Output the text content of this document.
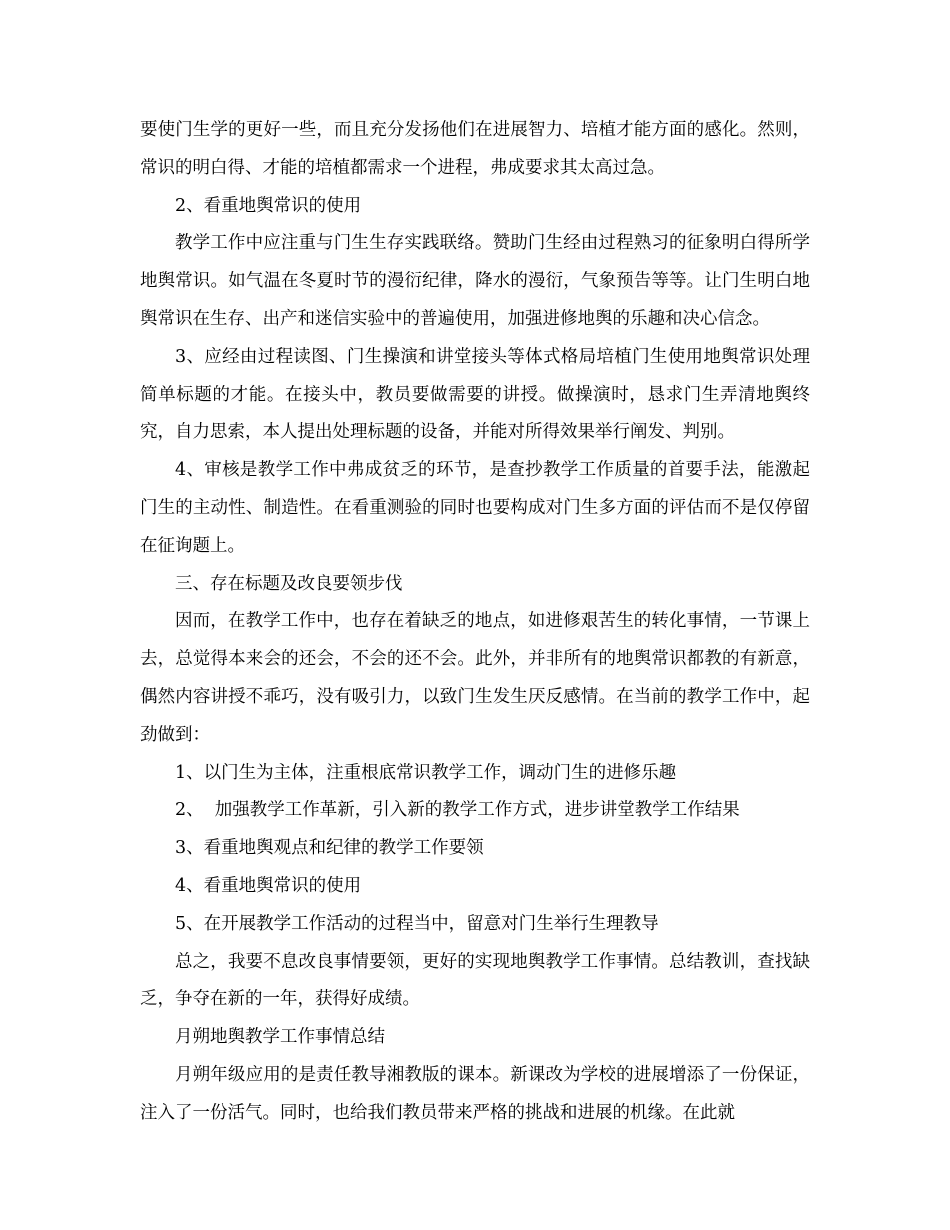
要使门生学的更好一些，而且充分发扬他们在进展智力、培植才能方面的感化。然则，常识的明白得、才能的培植都需求一个进程，弗成要求其太高过急。

2、看重地舆常识的使用

教学工作中应注重与门生生存实践联络。赞助门生经由过程熟习的征象明白得所学地舆常识。如气温在冬夏时节的漫衍纪律，降水的漫衍，气象预告等等。让门生明白地舆常识在生存、出产和迷信实验中的普遍使用，加强进修地舆的乐趣和决心信念。

3、应经由过程读图、门生操演和讲堂接头等体式格局培植门生使用地舆常识处理简单标题的才能。在接头中，教员要做需要的讲授。做操演时，恳求门生弄清地舆终究，自力思索，本人提出处理标题的设备，并能对所得效果举行阐发、判别。

4、审核是教学工作中弗成贫乏的环节，是查抄教学工作质量的首要手法，能激起门生的主动性、制造性。在看重测验的同时也要构成对门生多方面的评估而不是仅停留在征询题上。

三、存在标题及改良要领步伐

因而，在教学工作中，也存在着缺乏的地点，如进修艰苦生的转化事情，一节课上去，总觉得本来会的还会，不会的还不会。此外，并非所有的地舆常识都教的有新意，偶然内容讲授不乖巧，没有吸引力，以致门生发生厌反感情。在当前的教学工作中，起劲做到：

1、以门生为主体，注重根底常识教学工作，调动门生的进修乐趣

2、  加强教学工作革新，引入新的教学工作方式，进步讲堂教学工作结果

3、看重地舆观点和纪律的教学工作要领

4、看重地舆常识的使用

5、在开展教学工作活动的过程当中，留意对门生举行生理教导

总之，我要不息改良事情要领，更好的实现地舆教学工作事情。总结教训，查找缺乏，争夺在新的一年，获得好成绩。

月朔地舆教学工作事情总结

月朔年级应用的是责任教导湘教版的课本。新课改为学校的进展增添了一份保证，注入了一份活气。同时，也给我们教员带来严格的挑战和进展的机缘。在此就
